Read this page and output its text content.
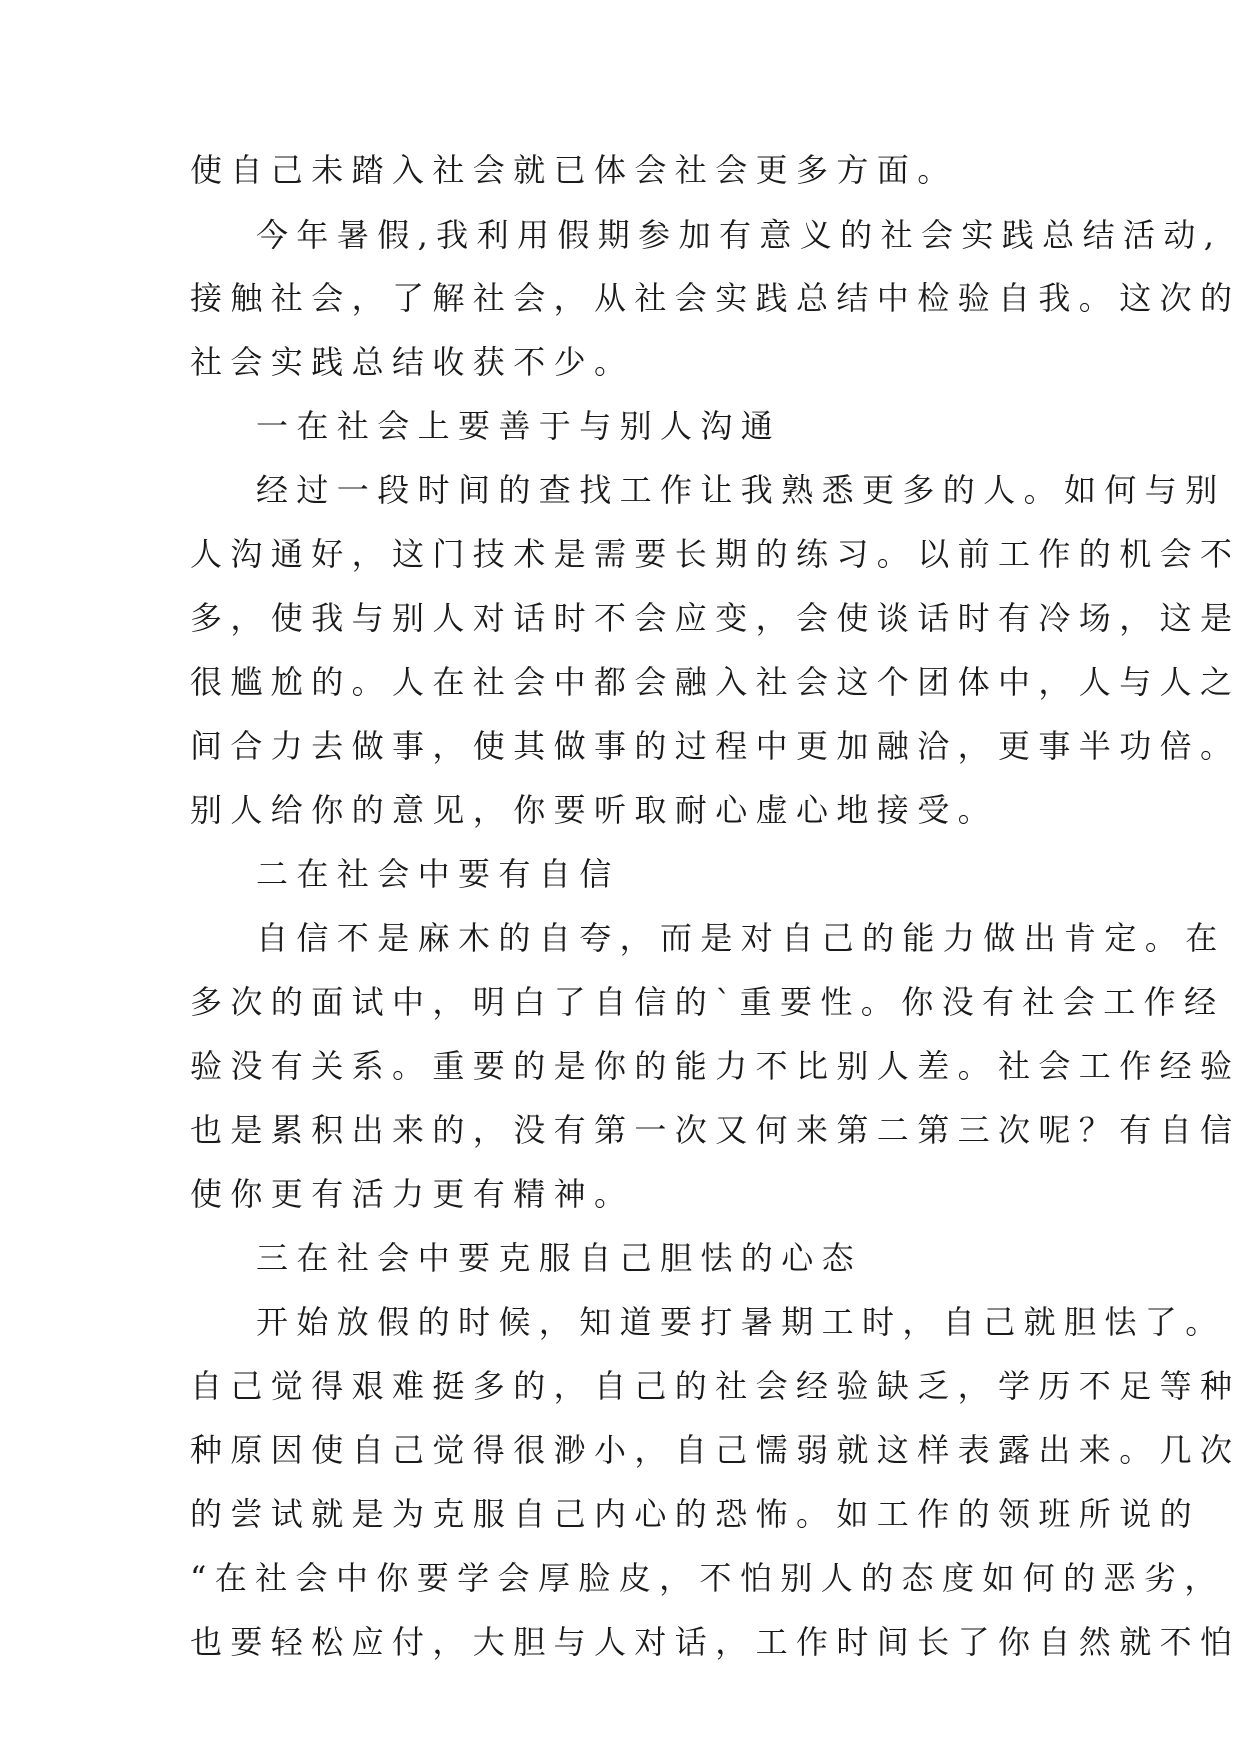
使自己未踏入社会就已体会社会更多方面。
今年暑假,我利用假期参加有意义的社会实践总结活动,
接触社会，了解社会，从社会实践总结中检验自我。这次的
社会实践总结收获不少。
一在社会上要善于与别人沟通
经过一段时间的查找工作让我熟悉更多的人。如何与别
人沟通好，这门技术是需要长期的练习。以前工作的机会不
多，使我与别人对话时不会应变，会使谈话时有冷场，这是
很尴尬的。人在社会中都会融入社会这个团体中，人与人之
间合力去做事，使其做事的过程中更加融洽，更事半功倍。
别人给你的意见，你要听取耐心虚心地接受。
二在社会中要有自信
自信不是麻木的自夸，而是对自己的能力做出肯定。在
多次的面试中，明白了自信的`重要性。你没有社会工作经
验没有关系。重要的是你的能力不比别人差。社会工作经验
也是累积出来的，没有第一次又何来第二第三次呢？有自信
使你更有活力更有精神。
三在社会中要克服自己胆怯的心态
开始放假的时候，知道要打暑期工时，自己就胆怯了。
自己觉得艰难挺多的，自己的社会经验缺乏，学历不足等种
种原因使自己觉得很渺小，自己懦弱就这样表露出来。几次
的尝试就是为克服自己内心的恐怖。如工作的领班所说的
“在社会中你要学会厚脸皮，不怕别人的态度如何的恶劣，
也要轻松应付，大胆与人对话，工作时间长了你自然就不怕
